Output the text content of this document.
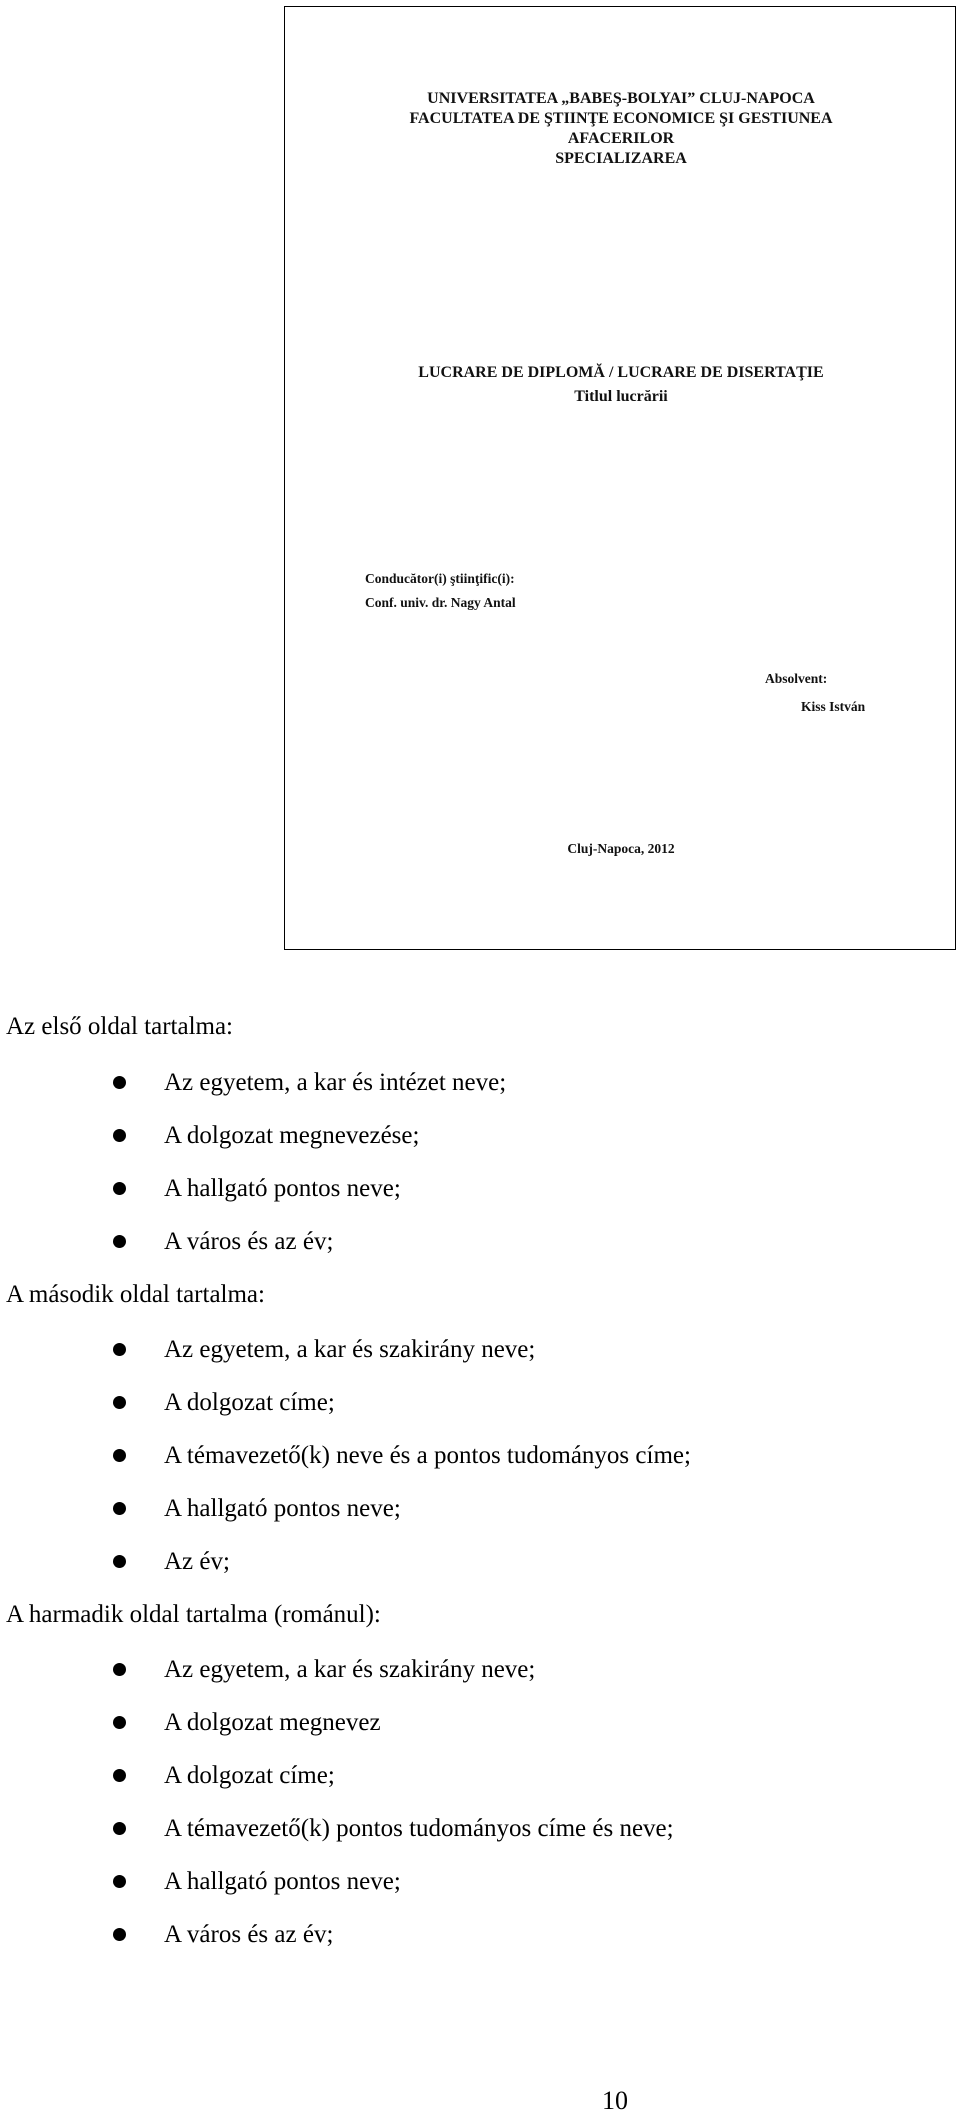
UNIVERSITATEA „BABEŞ-BOLYAI” CLUJ-NAPOCA
FACULTATEA DE ŞTIINŢE ECONOMICE ŞI GESTIUNEA
AFACERILOR
SPECIALIZAREA
LUCRARE DE DIPLOMĂ / LUCRARE DE DISERTAŢIE
Titlul lucrării
Conducător(i) ştiinţific(i):
Conf. univ. dr. Nagy Antal
Absolvent:
Kiss István
Cluj-Napoca, 2012
Az első oldal tartalma:
Az egyetem, a kar és intézet neve;
A dolgozat megnevezése;
A hallgató pontos neve;
A város és az év;
A második oldal tartalma:
Az egyetem, a kar és szakirány neve;
A dolgozat címe;
A témavezető(k) neve és a pontos tudományos címe;
A hallgató pontos neve;
Az év;
A harmadik oldal tartalma (románul):
Az egyetem, a kar és szakirány neve;
A dolgozat megnevez
A dolgozat címe;
A témavezető(k) pontos tudományos címe és neve;
A hallgató pontos neve;
A város és az év;
10
